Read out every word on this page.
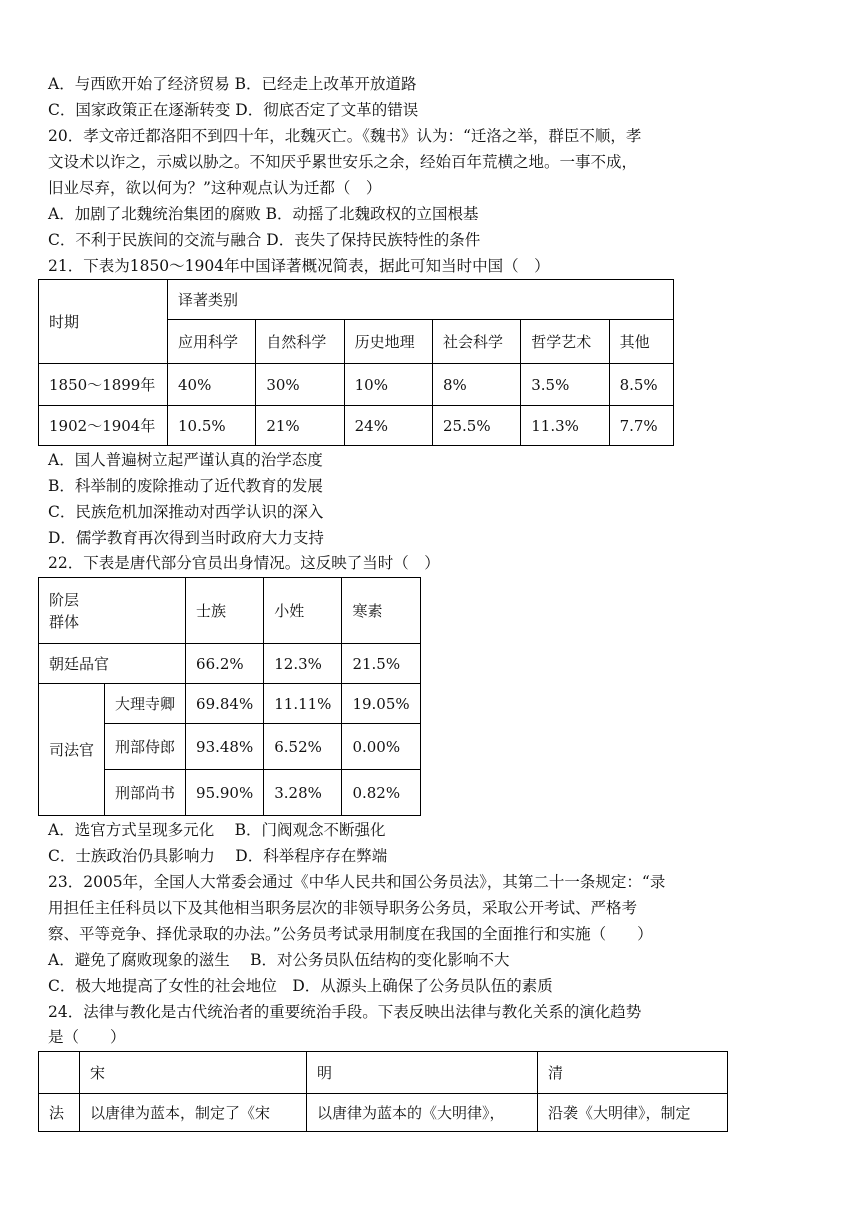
A．与西欧开始了经济贸易 B．已经走上改革开放道路
C．国家政策正在逐渐转变 D．彻底否定了文革的错误
20．孝文帝迁都洛阳不到四十年，北魏灭亡。《魏书》认为：“迁洛之举，群臣不顺，孝
文设术以诈之，示威以胁之。不知厌乎累世安乐之余，经始百年荒横之地。一事不成，
旧业尽弃，欲以何为？”这种观点认为迁都（　）
A．加剧了北魏统治集团的腐败 B．动摇了北魏政权的立国根基
C．不利于民族间的交流与融合 D．丧失了保持民族特性的条件
21．下表为1850～1904年中国译著概况简表，据此可知当时中国（　）
时期	译著类别					
	应用科学	自然科学	历史地理	社会科学	哲学艺术	其他
1850～1899年	40%	30%	10%	8%	3.5%	8.5%
1902～1904年	10.5%	21%	24%	25.5%	11.3%	7.7%
A．国人普遍树立起严谨认真的治学态度
B．科举制的废除推动了近代教育的发展
C．民族危机加深推动对西学认识的深入
D．儒学教育再次得到当时政府大力支持
22．下表是唐代部分官员出身情况。这反映了当时（　）
阶层
群体		士族	小姓	寒素
朝廷品官		66.2%	12.3%	21.5%
司法官	大理寺卿	69.84%	11.11%	19.05%
	刑部侍郎	93.48%	6.52%	0.00%
	刑部尚书	95.90%	3.28%	0.82%
A．选官方式呈现多元化　 B．门阀观念不断强化
C．士族政治仍具影响力　 D．科举程序存在弊端
23．2005年，全国人大常委会通过《中华人民共和国公务员法》，其第二十一条规定：“录
用担任主任科员以下及其他相当职务层次的非领导职务公务员，采取公开考试、严格考
察、平等竞争、择优录取的办法。”公务员考试录用制度在我国的全面推行和实施（　　）
A．避免了腐败现象的滋生　 B．对公务员队伍结构的变化影响不大
C．极大地提高了女性的社会地位　D．从源头上确保了公务员队伍的素质
24．法律与教化是古代统治者的重要统治手段。下表反映出法律与教化关系的演化趋势
是（　　）
	宋	明	清
法	以唐律为蓝本，制定了《宋	以唐律为蓝本的《大明律》，	沿袭《大明律》，制定
